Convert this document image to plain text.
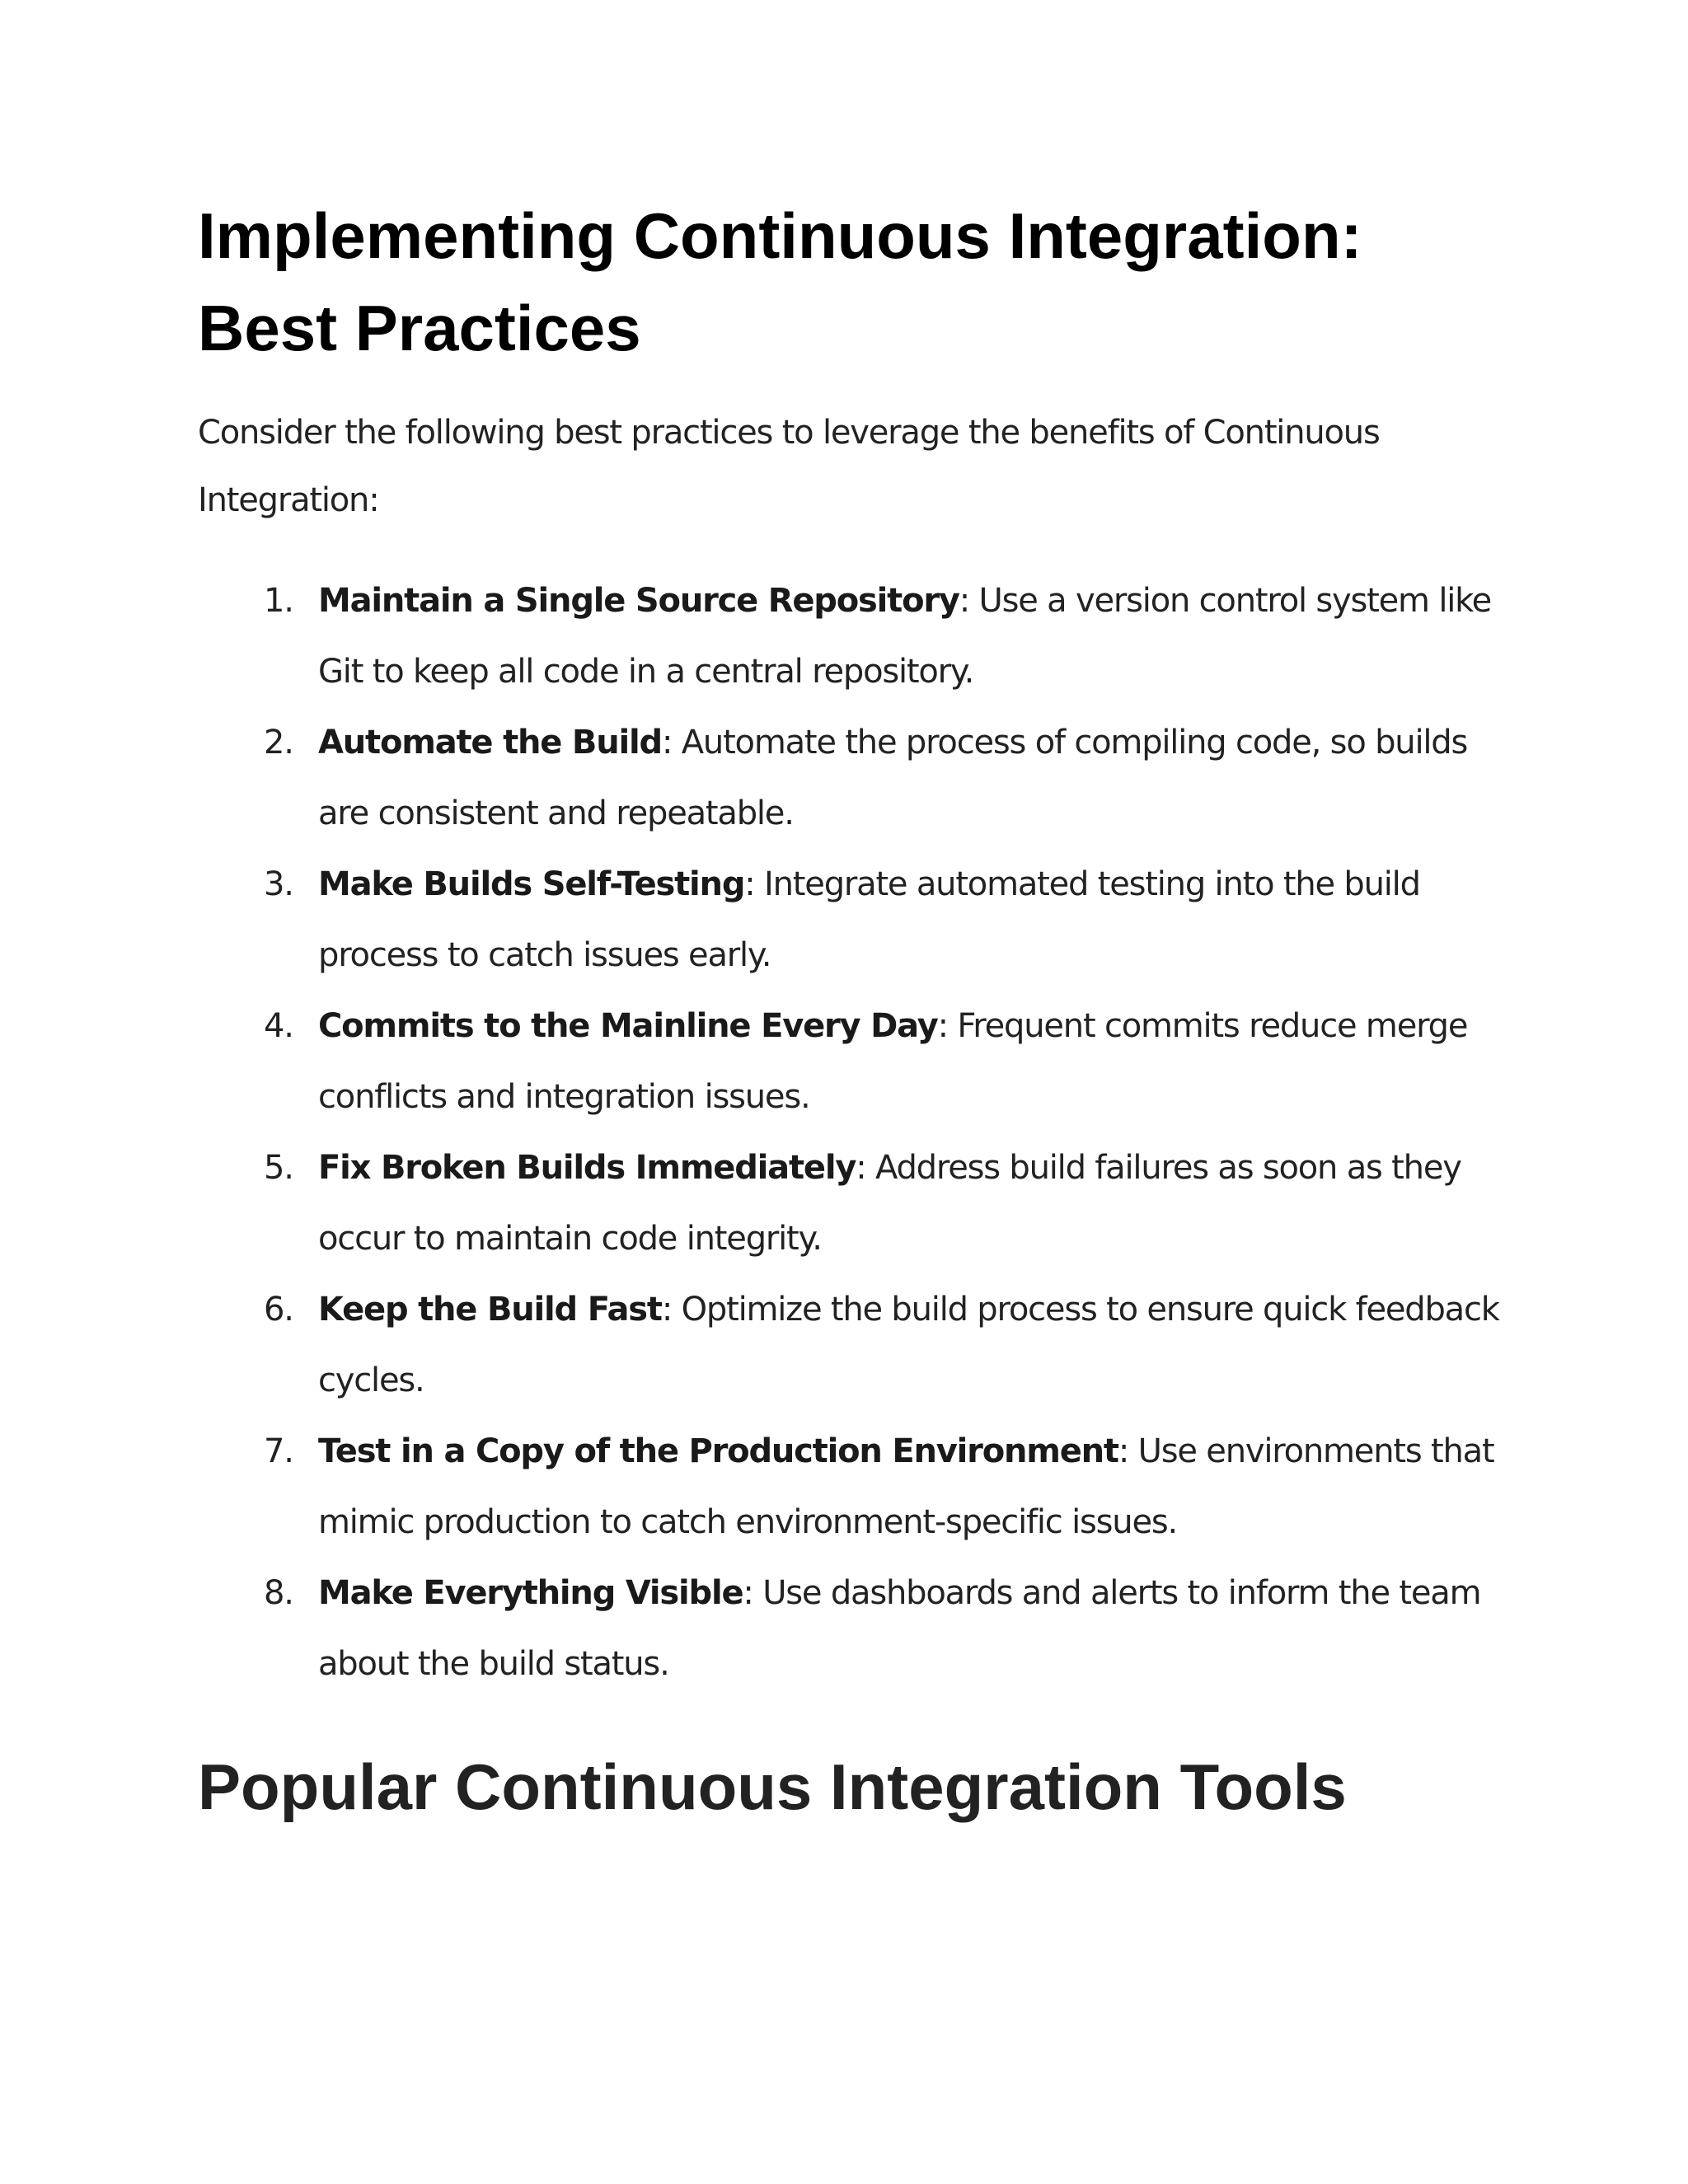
Implementing Continuous Integration: Best Practices

Consider the following best practices to leverage the benefits of Continuous Integration:

1. Maintain a Single Source Repository: Use a version control system like Git to keep all code in a central repository.
2. Automate the Build: Automate the process of compiling code, so builds are consistent and repeatable.
3. Make Builds Self-Testing: Integrate automated testing into the build process to catch issues early.
4. Commits to the Mainline Every Day: Frequent commits reduce merge conflicts and integration issues.
5. Fix Broken Builds Immediately: Address build failures as soon as they occur to maintain code integrity.
6. Keep the Build Fast: Optimize the build process to ensure quick feedback cycles.
7. Test in a Copy of the Production Environment: Use environments that mimic production to catch environment-specific issues.
8. Make Everything Visible: Use dashboards and alerts to inform the team about the build status.
Popular Continuous Integration Tools
